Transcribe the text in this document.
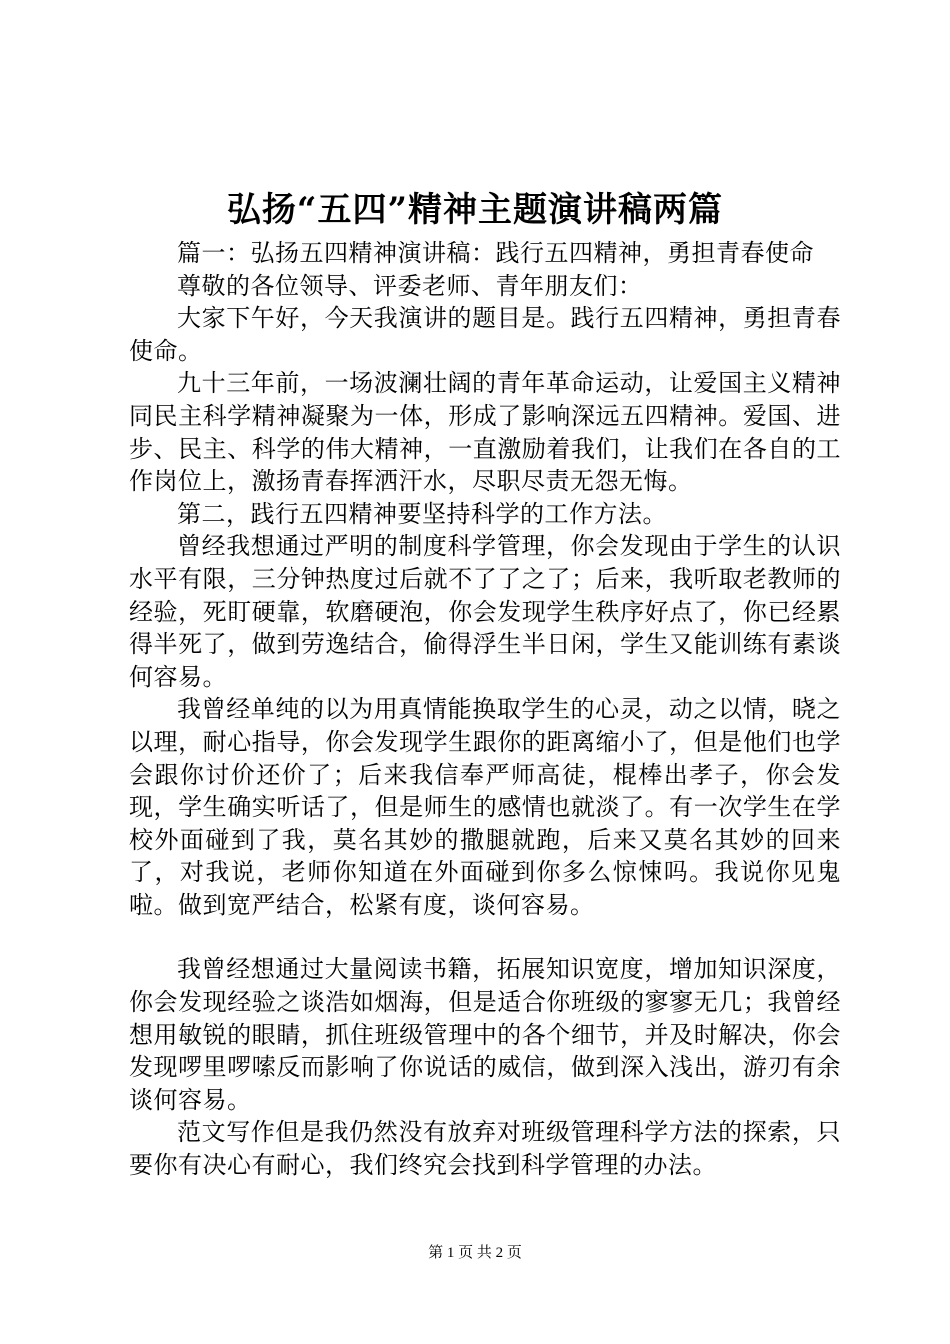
弘扬“五四”精神主题演讲稿两篇

篇一：弘扬五四精神演讲稿：践行五四精神，勇担青春使命

尊敬的各位领导、评委老师、青年朋友们：

大家下午好，今天我演讲的题目是。践行五四精神，勇担青春使命。

九十三年前，一场波澜壮阔的青年革命运动，让爱国主义精神同民主科学精神凝聚为一体，形成了影响深远五四精神。爱国、进步、民主、科学的伟大精神，一直激励着我们，让我们在各自的工作岗位上，激扬青春挥洒汗水，尽职尽责无怨无悔。

第二，践行五四精神要坚持科学的工作方法。

曾经我想通过严明的制度科学管理，你会发现由于学生的认识水平有限，三分钟热度过后就不了了之了；后来，我听取老教师的经验，死盯硬靠，软磨硬泡，你会发现学生秩序好点了，你已经累得半死了，做到劳逸结合，偷得浮生半日闲，学生又能训练有素谈何容易。

我曾经单纯的以为用真情能换取学生的心灵，动之以情，晓之以理，耐心指导，你会发现学生跟你的距离缩小了，但是他们也学会跟你讨价还价了；后来我信奉严师高徒，棍棒出孝子，你会发现，学生确实听话了，但是师生的感情也就淡了。有一次学生在学校外面碰到了我，莫名其妙的撒腿就跑，后来又莫名其妙的回来了，对我说，老师你知道在外面碰到你多么惊悚吗。我说你见鬼啦。做到宽严结合，松紧有度，谈何容易。

我曾经想通过大量阅读书籍，拓展知识宽度，增加知识深度，你会发现经验之谈浩如烟海，但是适合你班级的寥寥无几；我曾经想用敏锐的眼睛，抓住班级管理中的各个细节，并及时解决，你会发现啰里啰嗦反而影响了你说话的威信，做到深入浅出，游刃有余谈何容易。

范文写作但是我仍然没有放弃对班级管理科学方法的探索，只要你有决心有耐心，我们终究会找到科学管理的办法。

第 1 页 共 2 页
